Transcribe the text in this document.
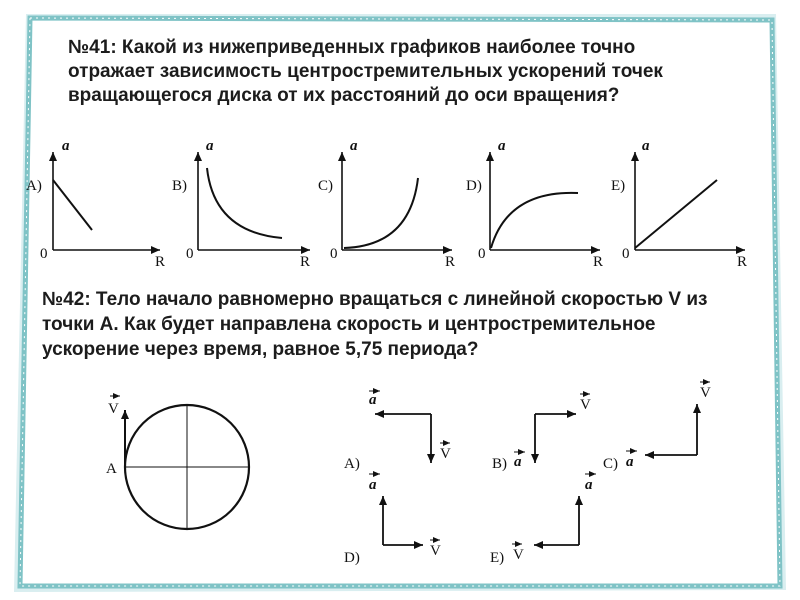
№41: Какой из нижеприведенных графиков наиболее точно отражает зависимость центростремительных ускорений точек вращающегося диска от их расстояний до оси вращения?

№42: Тело начало равномерно вращаться с линейной скоростью V из точки А. Как будет направлена скорость и центростремительное ускорение через время, равное 5,75 периода?

A)
a
R
0
B)
a
R
0
C)
a
R
0
D)
a
R
0
E)
a
R
0
V
A	A)
a
V
B) a
V
C) a
V
D)
a
V	E)
a
V
